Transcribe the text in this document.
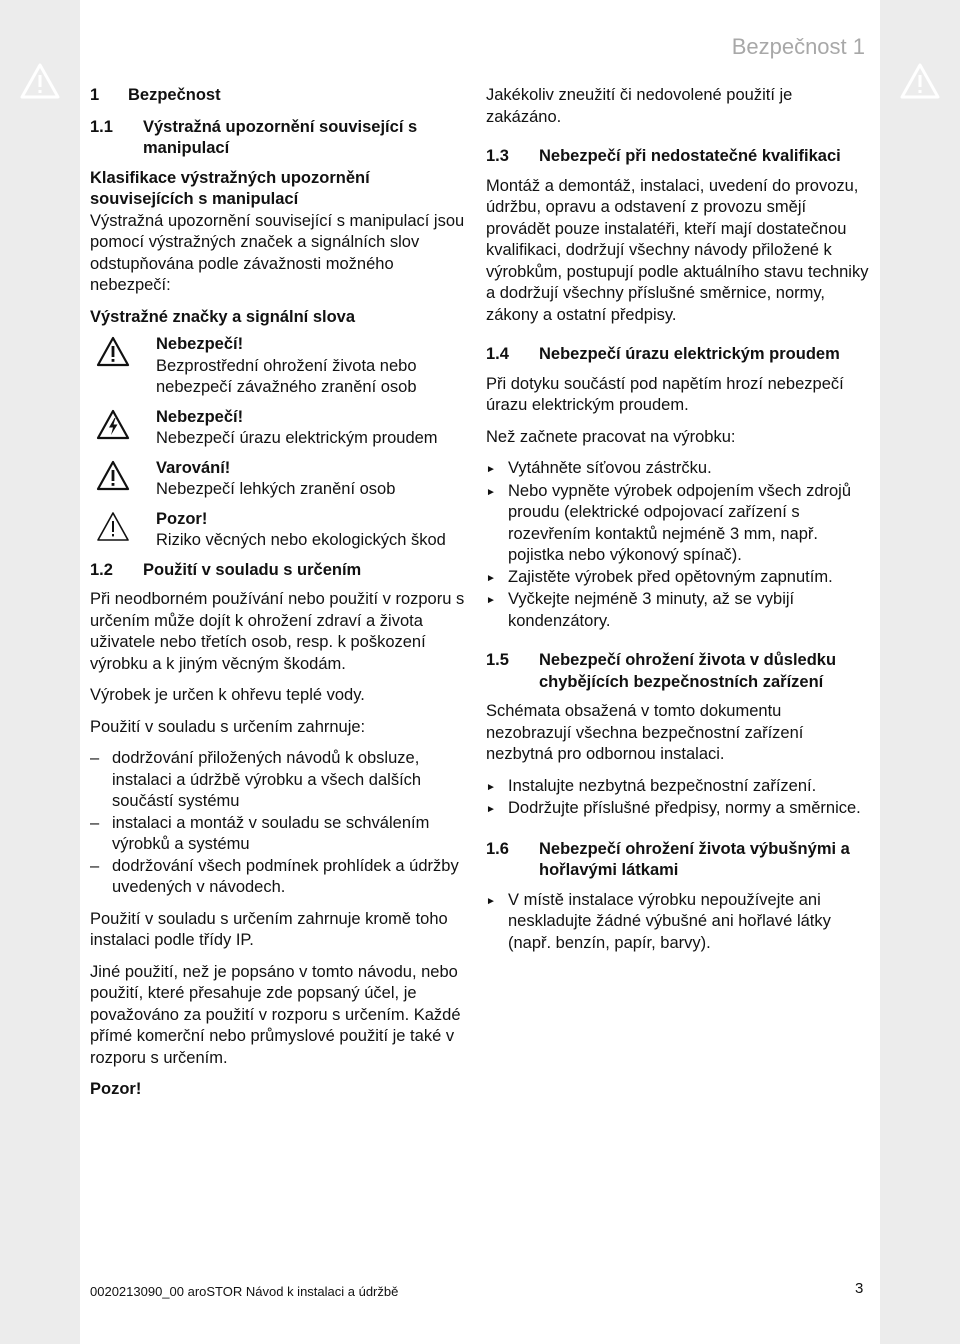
Bezpečnost 1
1	Bezpečnost
1.1	Výstražná upozornění související s manipulací

Klasifikace výstražných upozornění souvisejících s manipulací

Výstražná upozornění související s manipulací jsou pomocí výstražných značek a signálních slov odstupňována podle závažnosti možného nebezpečí:

Výstražné značky a signální slova

Nebezpečí!
Bezprostřední ohrožení života nebo nebezpečí závažného zranění osob
Nebezpečí!
Nebezpečí úrazu elektrickým proudem
Varování!
Nebezpečí lehkých zranění osob
Pozor!
Riziko věcných nebo ekologických škod
1.2	Použití v souladu s určením

Při neodborném používání nebo použití v rozporu s určením může dojít k ohrožení zdraví a života uživatele nebo třetích osob, resp. k poškození výrobku a k jiným věcným škodám.

Výrobek je určen k ohřevu teplé vody.

Použití v souladu s určením zahrnuje:

– dodržování přiložených návodů k obsluze, instalaci a údržbě výrobku a všech dalších součástí systému
– instalaci a montáž v souladu se schválením výrobků a systému
– dodržování všech podmínek prohlídek a údržby uvedených v návodech.

Použití v souladu s určením zahrnuje kromě toho instalaci podle třídy IP.

Jiné použití, než je popsáno v tomto návodu, nebo použití, které přesahuje zde popsaný účel, je považováno za použití v rozporu s určením. Každé přímé komerční nebo průmyslové použití je také v rozporu s určením.

Pozor!

Jakékoliv zneužití či nedovolené použití je zakázáno.

1.3	Nebezpečí při nedostatečné kvalifikaci

Montáž a demontáž, instalaci, uvedení do provozu, údržbu, opravu a odstavení z provozu smějí provádět pouze instalatéři, kteří mají dostatečnou kvalifikaci, dodržují všechny návody přiložené k výrobkům, postupují podle aktuálního stavu techniky a dodržují všechny příslušné směrnice, normy, zákony a ostatní předpisy.

1.4	Nebezpečí úrazu elektrickým proudem

Při dotyku součástí pod napětím hrozí nebezpečí úrazu elektrickým proudem.

Než začnete pracovat na výrobku:

► Vytáhněte síťovou zástrčku.
► Nebo vypněte výrobek odpojením všech zdrojů proudu (elektrické odpojovací zařízení s rozevřením kontaktů nejméně 3 mm, např. pojistka nebo výkonový spínač).
► Zajistěte výrobek před opětovným zapnutím.
► Vyčkejte nejméně 3 minuty, až se vybijí kondenzátory.
1.5	Nebezpečí ohrožení života v důsledku chybějících bezpečnostních zařízení

Schémata obsažená v tomto dokumentu nezobrazují všechna bezpečnostní zařízení nezbytná pro odbornou instalaci.

► Instalujte nezbytná bezpečnostní zařízení.
► Dodržujte příslušné předpisy, normy a směrnice.
1.6	Nebezpečí ohrožení života výbušnými a hořlavými látkami
► V místě instalace výrobku nepoužívejte ani neskladujte žádné výbušné ani hořlavé látky (např. benzín, papír, barvy).
0020213090_00 aroSTOR Návod k instalaci a údržbě	3
